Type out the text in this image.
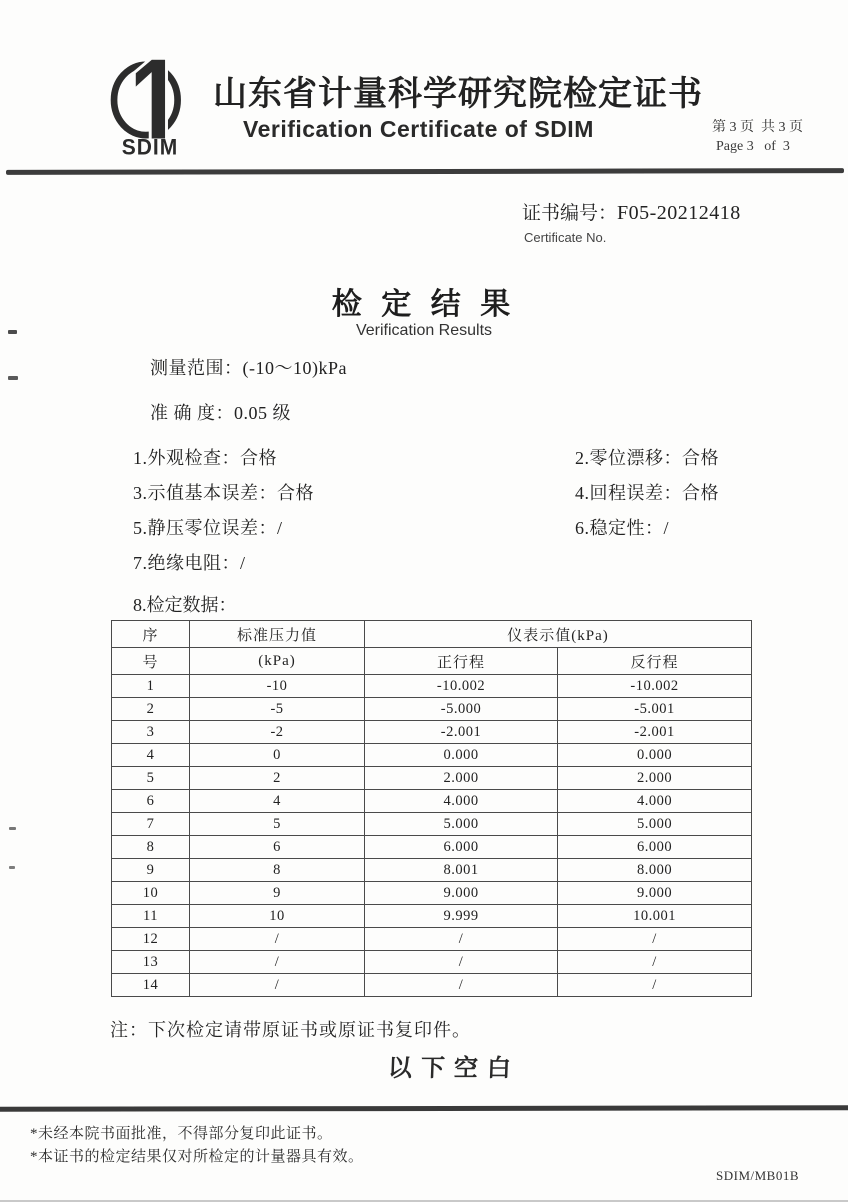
SDIM
山东省计量科学研究院检定证书
Verification Certificate of SDIM	第 3 页  共 3 页
Page 3   of  3
证书编号：F05-20212418
Certificate No.
检 定 结 果
Verification Results
测量范围：(-10～10)kPa
准 确 度：0.05 级
1.外观检查：合格	2.零位漂移：合格
3.示值基本误差：合格	4.回程误差：合格
5.静压零位误差：/	6.稳定性：/
7.绝缘电阻：/
8.检定数据：
序	标准压力值	仪表示值(kPa)	
号	(kPa)	正行程	反行程
1	-10	-10.002	-10.002
2	-5	-5.000	-5.001
3	-2	-2.001	-2.001
4	0	0.000	0.000
5	2	2.000	2.000
6	4	4.000	4.000
7	5	5.000	5.000
8	6	6.000	6.000
9	8	8.001	8.000
10	9	9.000	9.000
11	10	9.999	10.001
12	/	/	/
13	/	/	/
14	/	/	/
注：下次检定请带原证书或原证书复印件。
以下空白
*未经本院书面批准，不得部分复印此证书。
*本证书的检定结果仅对所检定的计量器具有效。
SDIM/MB01B
